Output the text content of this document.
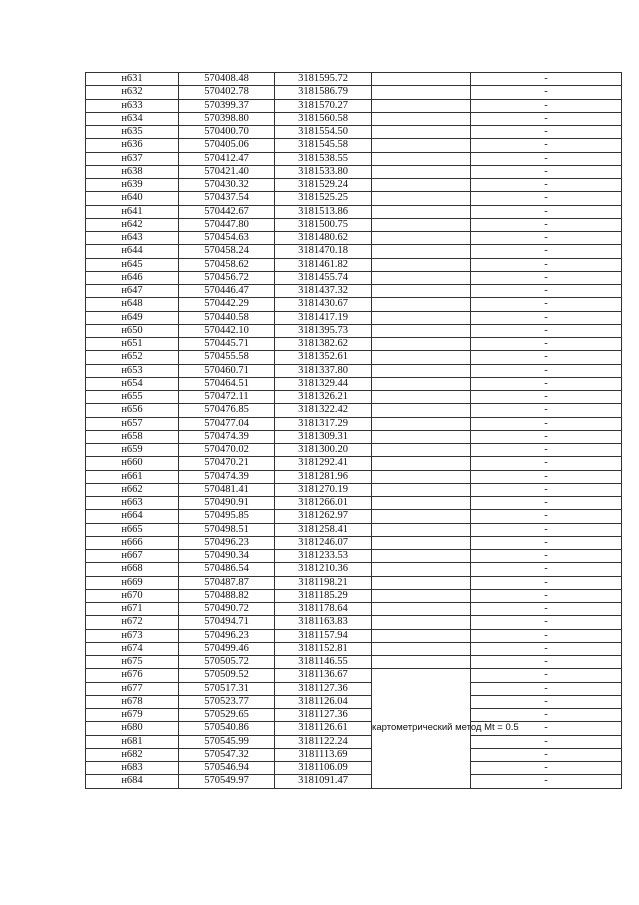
н631	570408.48	3181595.72		-
н632	570402.78	3181586.79		-
н633	570399.37	3181570.27		-
н634	570398.80	3181560.58		-
н635	570400.70	3181554.50		-
н636	570405.06	3181545.58		-
н637	570412.47	3181538.55		-
н638	570421.40	3181533.80		-
н639	570430.32	3181529.24		-
н640	570437.54	3181525.25		-
н641	570442.67	3181513.86		-
н642	570447.80	3181500.75		-
н643	570454.63	3181480.62		-
н644	570458.24	3181470.18		-
н645	570458.62	3181461.82		-
н646	570456.72	3181455.74		-
н647	570446.47	3181437.32		-
н648	570442.29	3181430.67		-
н649	570440.58	3181417.19		-
н650	570442.10	3181395.73		-
н651	570445.71	3181382.62		-
н652	570455.58	3181352.61		-
н653	570460.71	3181337.80		-
н654	570464.51	3181329.44		-
н655	570472.11	3181326.21		-
н656	570476.85	3181322.42		-
н657	570477.04	3181317.29		-
н658	570474.39	3181309.31		-
н659	570470.02	3181300.20		-
н660	570470.21	3181292.41		-
н661	570474.39	3181281.96		-
н662	570481.41	3181270.19		-
н663	570490.91	3181266.01		-
н664	570495.85	3181262.97		-
н665	570498.51	3181258.41		-
н666	570496.23	3181246.07		-
н667	570490.34	3181233.53		-
н668	570486.54	3181210.36		-
н669	570487.87	3181198.21		-
н670	570488.82	3181185.29		-
н671	570490.72	3181178.64		-
н672	570494.71	3181163.83		-
н673	570496.23	3181157.94		-
н674	570499.46	3181152.81		-
н675	570505.72	3181146.55		-
н676	570509.52	3181136.67	картометрический метод Mt = 0.5	-
н677	570517.31	3181127.36		-
н678	570523.77	3181126.04		-
н679	570529.65	3181127.36		-
н680	570540.86	3181126.61		-
н681	570545.99	3181122.24		-
н682	570547.32	3181113.69		-
н683	570546.94	3181106.09		-
н684	570549.97	3181091.47		-
